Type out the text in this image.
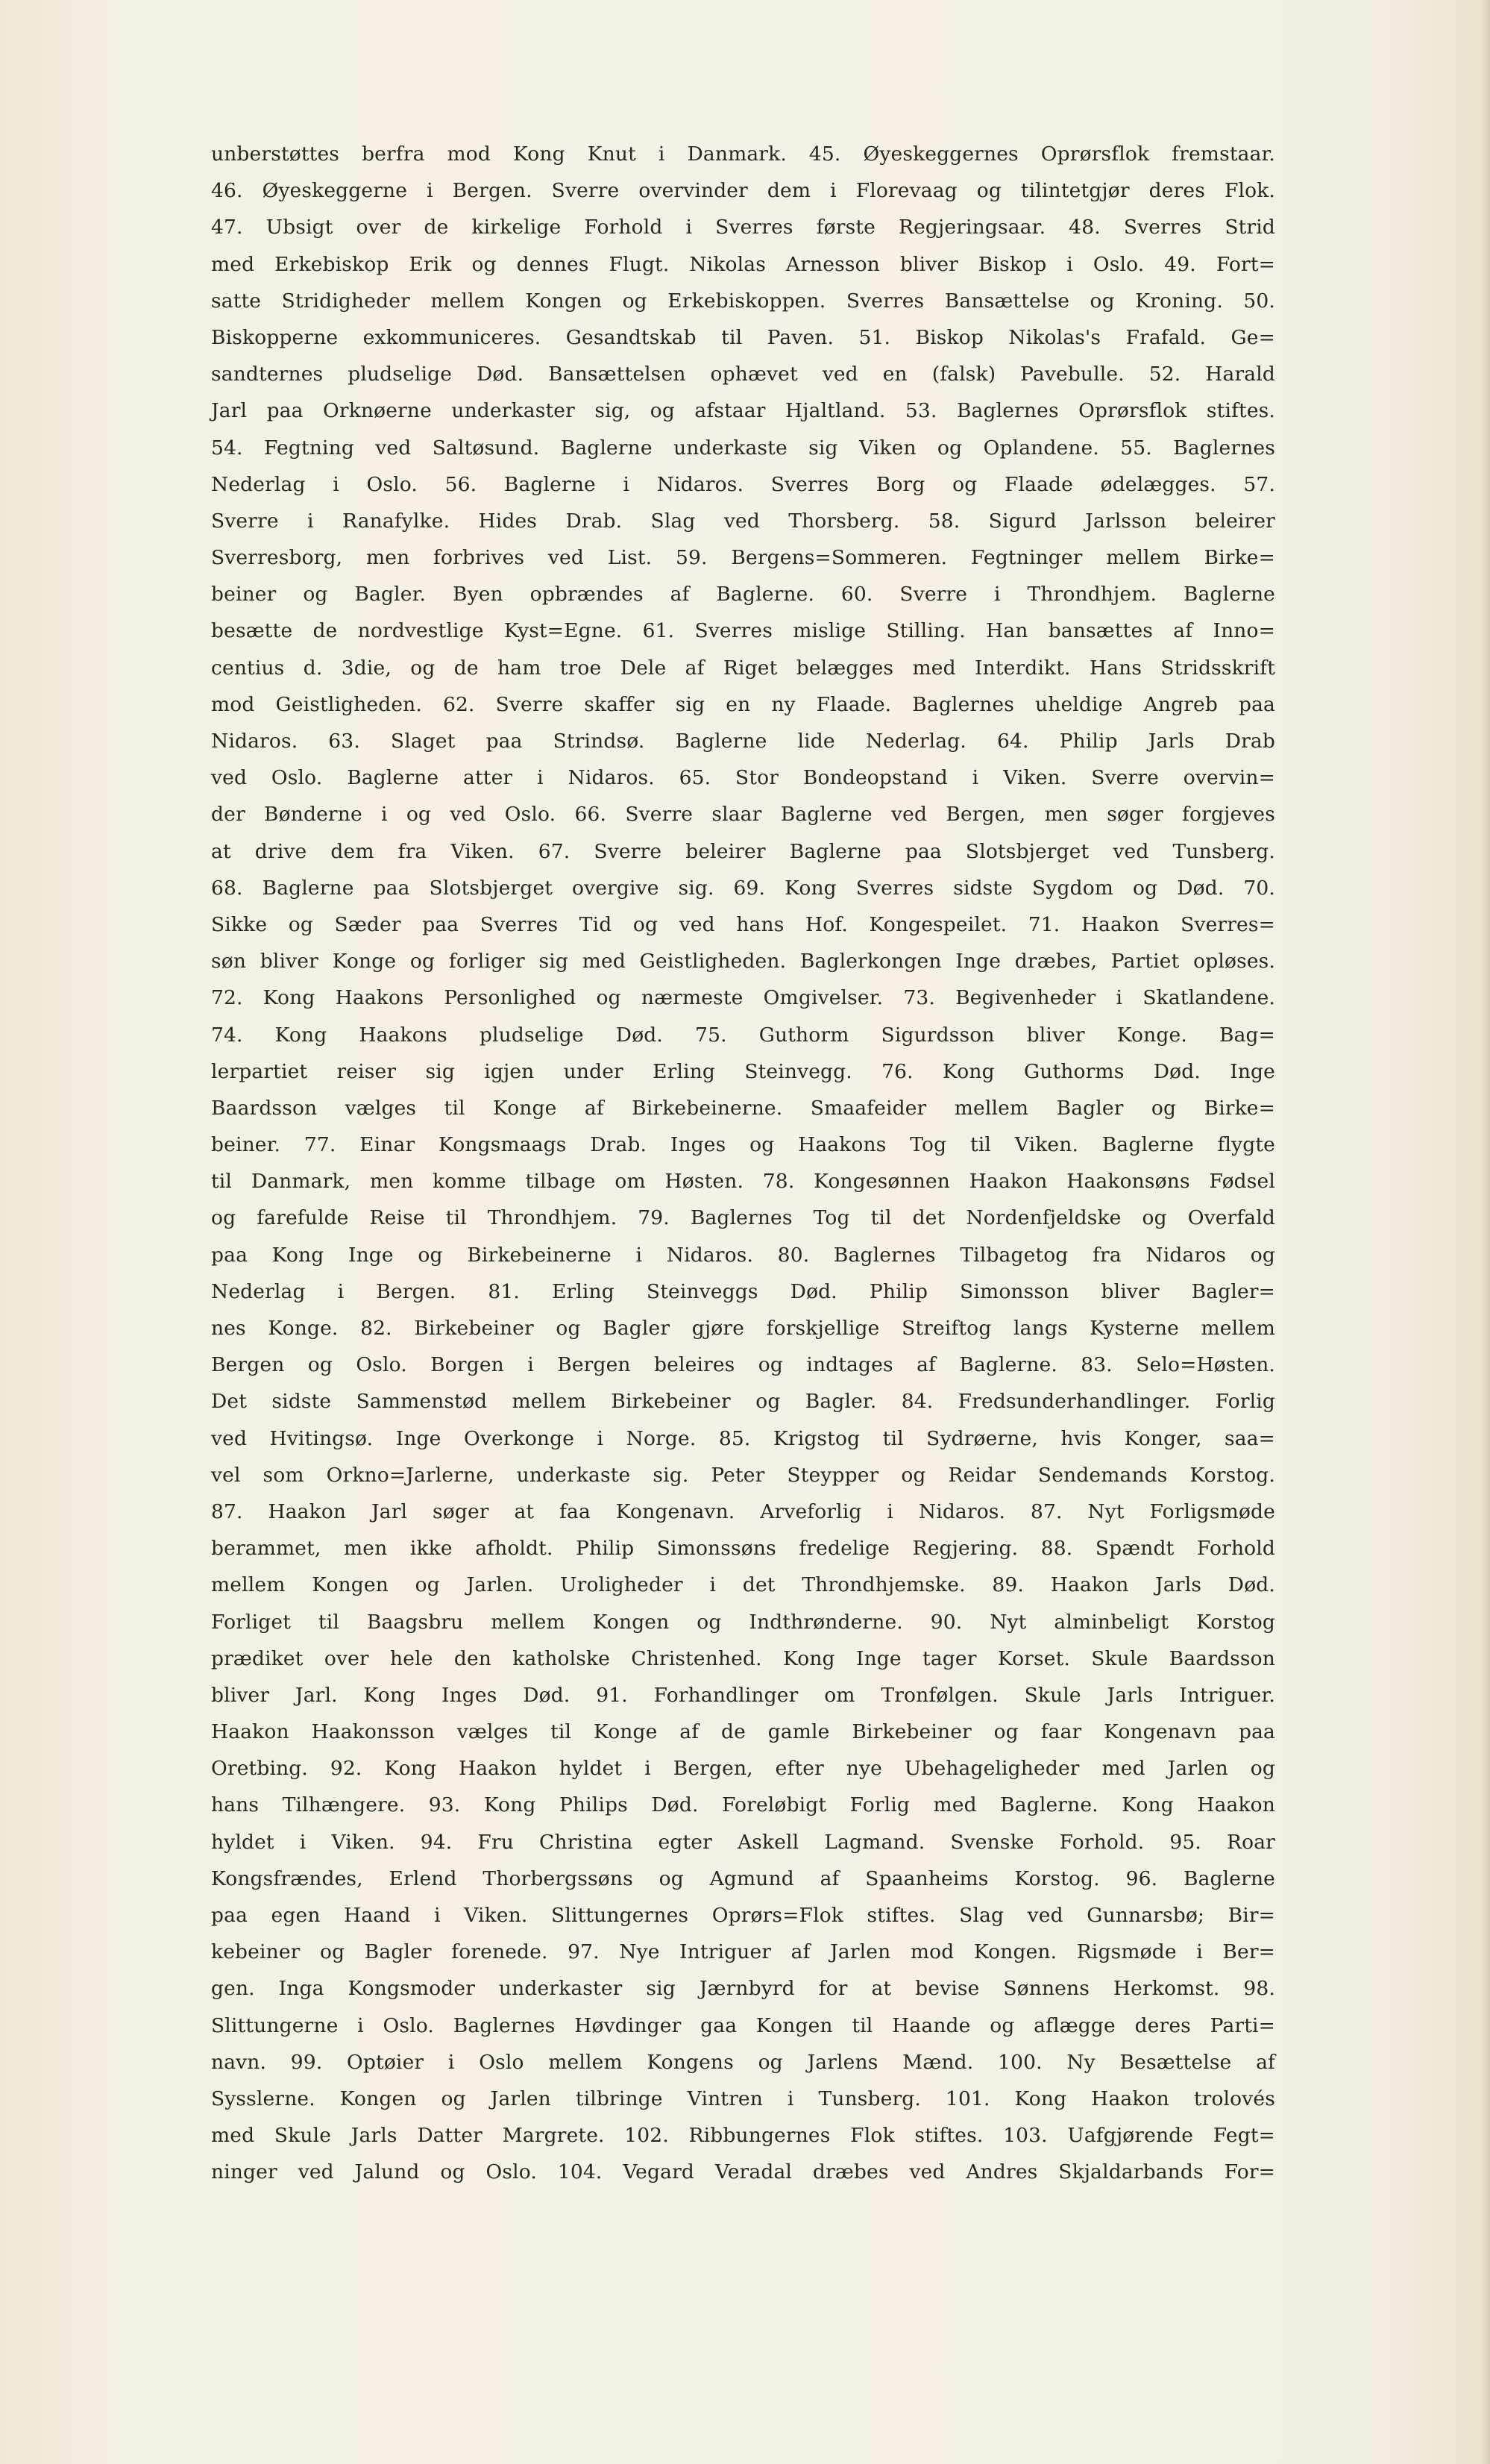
unberstøttes berfra mod Kong Knut i Danmark. 45. Øyeskeggernes Oprørsflok fremstaar.
46. Øyeskeggerne i Bergen. Sverre overvinder dem i Florevaag og tilintetgjør deres Flok.
47. Ubsigt over de kirkelige Forhold i Sverres første Regjeringsaar. 48. Sverres Strid
med Erkebiskop Erik og dennes Flugt. Nikolas Arnesson bliver Biskop i Oslo. 49. Fort=
satte Stridigheder mellem Kongen og Erkebiskoppen. Sverres Bansættelse og Kroning. 50.
Biskopperne exkommuniceres. Gesandtskab til Paven. 51. Biskop Nikolas's Frafald. Ge=
sandternes pludselige Død. Bansættelsen ophævet ved en (falsk) Pavebulle. 52. Harald
Jarl paa Orknøerne underkaster sig, og afstaar Hjaltland. 53. Baglernes Oprørsflok stiftes.
54. Fegtning ved Saltøsund. Baglerne underkaste sig Viken og Oplandene. 55. Baglernes
Nederlag i Oslo. 56. Baglerne i Nidaros. Sverres Borg og Flaade ødelægges. 57.
Sverre i Ranafylke. Hides Drab. Slag ved Thorsberg. 58. Sigurd Jarlsson beleirer
Sverresborg, men forbrives ved List. 59. Bergens=Sommeren. Fegtninger mellem Birke=
beiner og Bagler. Byen opbrændes af Baglerne. 60. Sverre i Throndhjem. Baglerne
besætte de nordvestlige Kyst=Egne. 61. Sverres mislige Stilling. Han bansættes af Inno=
centius d. 3die, og de ham troe Dele af Riget belægges med Interdikt. Hans Stridsskrift
mod Geistligheden. 62. Sverre skaffer sig en ny Flaade. Baglernes uheldige Angreb paa
Nidaros. 63. Slaget paa Strindsø. Baglerne lide Nederlag. 64. Philip Jarls Drab
ved Oslo. Baglerne atter i Nidaros. 65. Stor Bondeopstand i Viken. Sverre overvin=
der Bønderne i og ved Oslo. 66. Sverre slaar Baglerne ved Bergen, men søger forgjeves
at drive dem fra Viken. 67. Sverre beleirer Baglerne paa Slotsbjerget ved Tunsberg.
68. Baglerne paa Slotsbjerget overgive sig. 69. Kong Sverres sidste Sygdom og Død. 70.
Sikke og Sæder paa Sverres Tid og ved hans Hof. Kongespeilet. 71. Haakon Sverres=
søn bliver Konge og forliger sig med Geistligheden. Baglerkongen Inge dræbes, Partiet opløses.
72. Kong Haakons Personlighed og nærmeste Omgivelser. 73. Begivenheder i Skatlandene.
74. Kong Haakons pludselige Død. 75. Guthorm Sigurdsson bliver Konge. Bag=
lerpartiet reiser sig igjen under Erling Steinvegg. 76. Kong Guthorms Død. Inge
Baardsson vælges til Konge af Birkebeinerne. Smaafeider mellem Bagler og Birke=
beiner. 77. Einar Kongsmaags Drab. Inges og Haakons Tog til Viken. Baglerne flygte
til Danmark, men komme tilbage om Høsten. 78. Kongesønnen Haakon Haakonsøns Fødsel
og farefulde Reise til Throndhjem. 79. Baglernes Tog til det Nordenfjeldske og Overfald
paa Kong Inge og Birkebeinerne i Nidaros. 80. Baglernes Tilbagetog fra Nidaros og
Nederlag i Bergen. 81. Erling Steinveggs Død. Philip Simonsson bliver Bagler=
nes Konge. 82. Birkebeiner og Bagler gjøre forskjellige Streiftog langs Kysterne mellem
Bergen og Oslo. Borgen i Bergen beleires og indtages af Baglerne. 83. Selo=Høsten.
Det sidste Sammenstød mellem Birkebeiner og Bagler. 84. Fredsunderhandlinger. Forlig
ved Hvitingsø. Inge Overkonge i Norge. 85. Krigstog til Sydrøerne, hvis Konger, saa=
vel som Orkno=Jarlerne, underkaste sig. Peter Steypper og Reidar Sendemands Korstog.
87. Haakon Jarl søger at faa Kongenavn. Arveforlig i Nidaros. 87. Nyt Forligsmøde
berammet, men ikke afholdt. Philip Simonssøns fredelige Regjering. 88. Spændt Forhold
mellem Kongen og Jarlen. Uroligheder i det Throndhjemske. 89. Haakon Jarls Død.
Forliget til Baagsbru mellem Kongen og Indthrønderne. 90. Nyt alminbeligt Korstog
prædiket over hele den katholske Christenhed. Kong Inge tager Korset. Skule Baardsson
bliver Jarl. Kong Inges Død. 91. Forhandlinger om Tronfølgen. Skule Jarls Intriguer.
Haakon Haakonsson vælges til Konge af de gamle Birkebeiner og faar Kongenavn paa
Oretbing. 92. Kong Haakon hyldet i Bergen, efter nye Ubehageligheder med Jarlen og
hans Tilhængere. 93. Kong Philips Død. Foreløbigt Forlig med Baglerne. Kong Haakon
hyldet i Viken. 94. Fru Christina egter Askell Lagmand. Svenske Forhold. 95. Roar
Kongsfrændes, Erlend Thorbergssøns og Agmund af Spaanheims Korstog. 96. Baglerne
paa egen Haand i Viken. Slittungernes Oprørs=Flok stiftes. Slag ved Gunnarsbø; Bir=
kebeiner og Bagler forenede. 97. Nye Intriguer af Jarlen mod Kongen. Rigsmøde i Ber=
gen. Inga Kongsmoder underkaster sig Jærnbyrd for at bevise Sønnens Herkomst. 98.
Slittungerne i Oslo. Baglernes Høvdinger gaa Kongen til Haande og aflægge deres Parti=
navn. 99. Optøier i Oslo mellem Kongens og Jarlens Mænd. 100. Ny Besættelse af
Sysslerne. Kongen og Jarlen tilbringe Vintren i Tunsberg. 101. Kong Haakon trolovés
med Skule Jarls Datter Margrete. 102. Ribbungernes Flok stiftes. 103. Uafgjørende Fegt=
ninger ved Jalund og Oslo. 104. Vegard Veradal dræbes ved Andres Skjaldarbands For=
